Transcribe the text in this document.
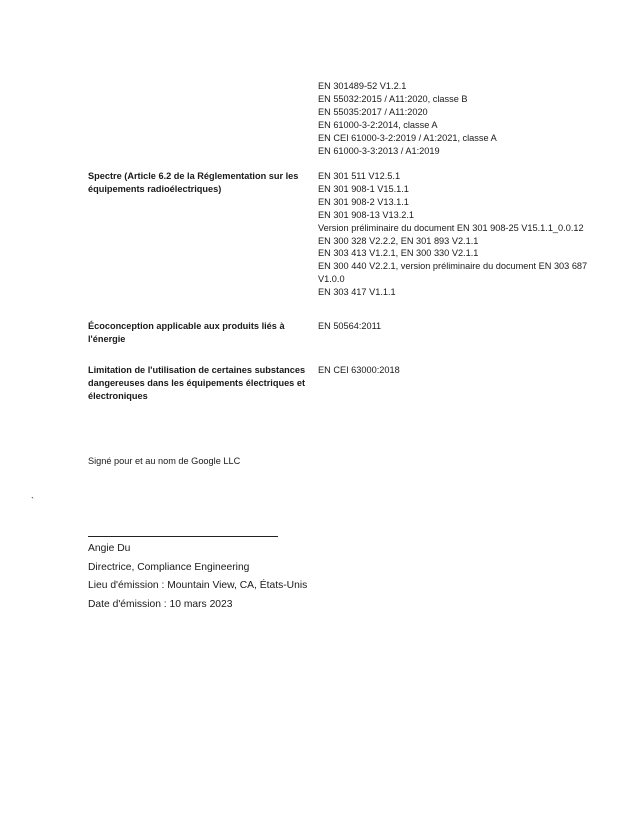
EN 301489-52 V1.2.1
EN 55032:2015 / A11:2020, classe B
EN 55035:2017 / A11:2020
EN 61000-3-2:2014, classe A
EN CEI 61000-3-2:2019 / A1:2021, classe A
EN 61000-3-3:2013 / A1:2019
Spectre (Article 6.2 de la Réglementation sur les équipements radioélectriques)
EN 301 511 V12.5.1
EN 301 908-1 V15.1.1
EN 301 908-2 V13.1.1
EN 301 908-13 V13.2.1
Version préliminaire du document EN 301 908-25 V15.1.1_0.0.12
EN 300 328 V2.2.2, EN 301 893 V2.1.1
EN 303 413 V1.2.1, EN 300 330 V2.1.1
EN 300 440 V2.2.1, version préliminaire du document EN 303 687 V1.0.0
EN 303 417 V1.1.1
Écoconception applicable aux produits liés à l'énergie
EN 50564:2011
Limitation de l'utilisation de certaines substances dangereuses dans les équipements électriques et électroniques
EN CEI 63000:2018
Signé pour et au nom de Google LLC
`
Angie Du
Directrice, Compliance Engineering
Lieu d'émission : Mountain View, CA, États-Unis
Date d'émission : 10 mars 2023
